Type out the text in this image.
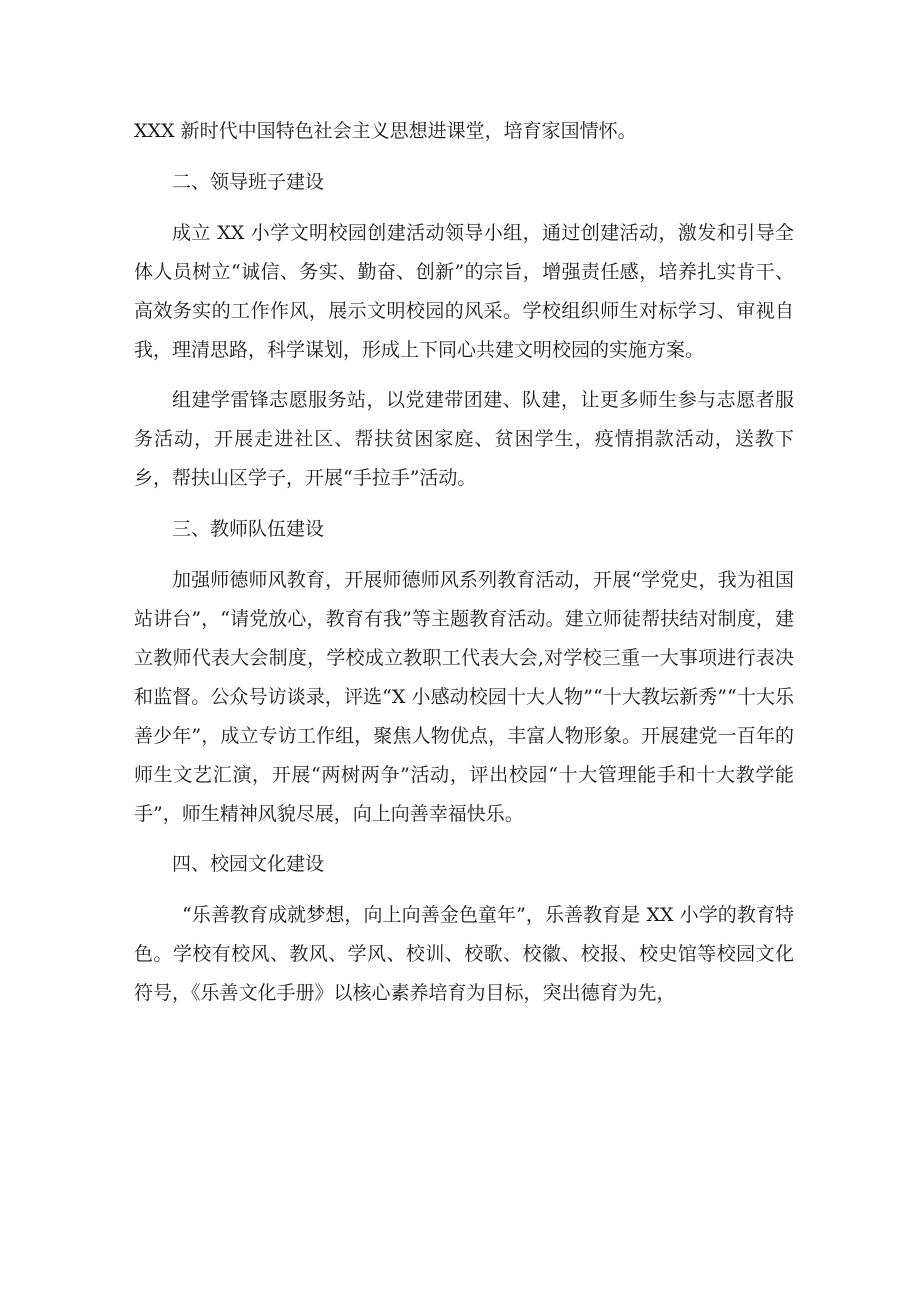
XXX 新时代中国特色社会主义思想进课堂，培育家国情怀。

二、领导班子建设

成立 XX 小学文明校园创建活动领导小组，通过创建活动，激发和引导全体人员树立“诚信、务实、勤奋、创新”的宗旨，增强责任感，培养扎实肯干、高效务实的工作作风，展示文明校园的风采。学校组织师生对标学习、审视自我，理清思路，科学谋划，形成上下同心共建文明校园的实施方案。

组建学雷锋志愿服务站，以党建带团建、队建，让更多师生参与志愿者服务活动，开展走进社区、帮扶贫困家庭、贫困学生，疫情捐款活动，送教下乡，帮扶山区学子，开展“手拉手”活动。

三、教师队伍建设

加强师德师风教育，开展师德师风系列教育活动，开展“学党史，我为祖国站讲台”，“请党放心，教育有我”等主题教育活动。建立师徒帮扶结对制度，建立教师代表大会制度，学校成立教职工代表大会,对学校三重一大事项进行表决和监督。公众号访谈录，评选“X 小感动校园十大人物”“十大教坛新秀”“十大乐善少年”，成立专访工作组，聚焦人物优点，丰富人物形象。开展建党一百年的师生文艺汇演，开展“两树两争”活动，评出校园“十大管理能手和十大教学能手”，师生精神风貌尽展，向上向善幸福快乐。

四、校园文化建设

“乐善教育成就梦想，向上向善金色童年”，乐善教育是 XX 小学的教育特色。学校有校风、教风、学风、校训、校歌、校徽、校报、校史馆等校园文化符号，《乐善文化手册》以核心素养培育为目标，突出德育为先，
